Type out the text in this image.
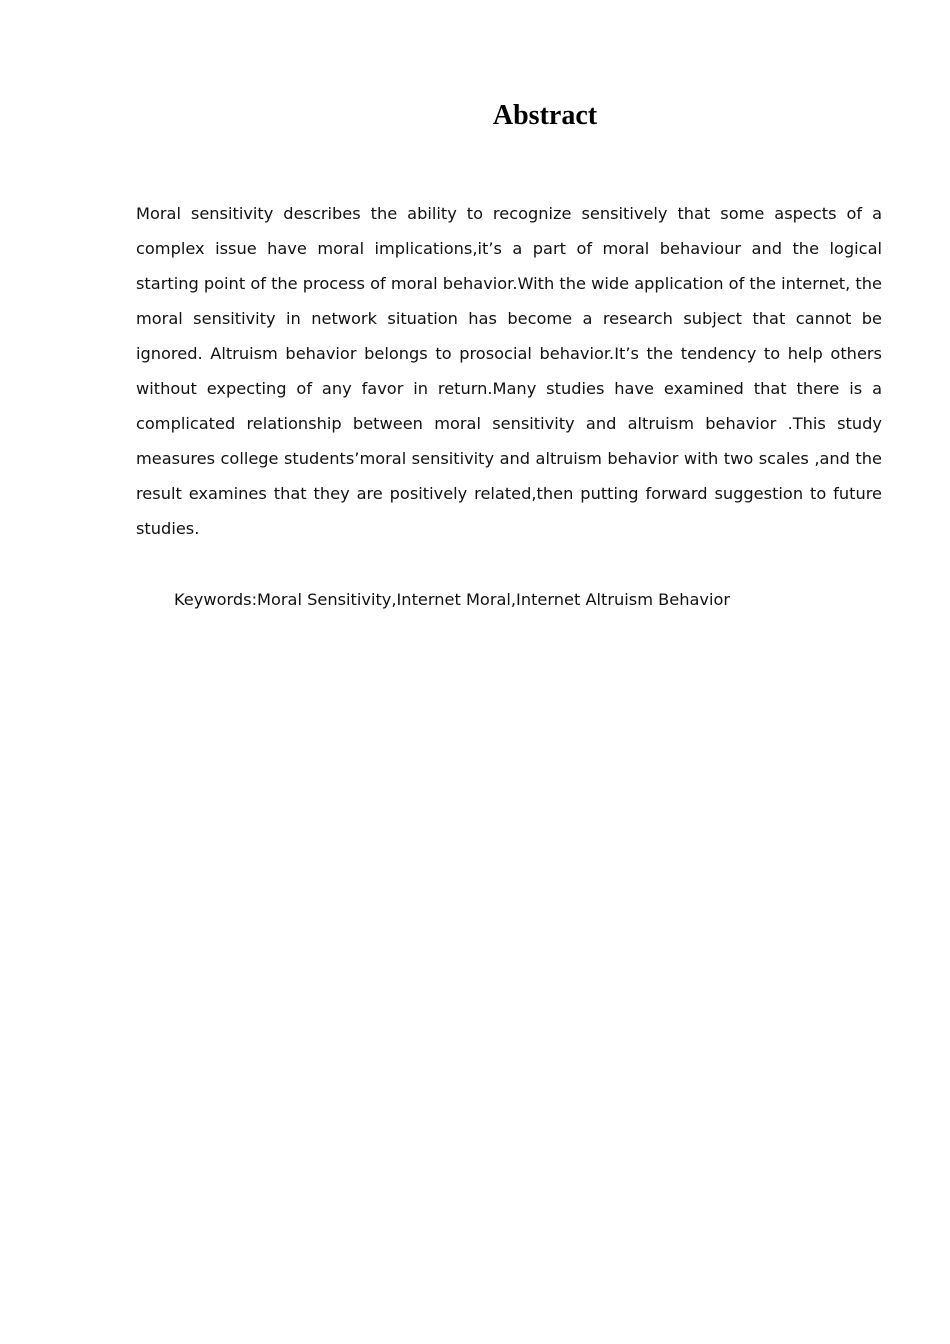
Abstract

Moral sensitivity describes the ability to recognize sensitively that some aspects of a complex issue have moral implications,it’s a part of moral behaviour and the logical starting point of the process of moral behavior.With the wide application of the internet, the moral sensitivity in network situation has become a research subject that cannot be ignored. Altruism behavior belongs to prosocial behavior.It’s the tendency to help others without expecting of any favor in return.Many studies have examined that there is a complicated relationship between moral sensitivity and altruism behavior .This study measures college students’moral sensitivity and altruism behavior with two scales ,and the result examines that they are positively related,then putting forward suggestion to future studies.

Keywords:Moral Sensitivity,Internet Moral,Internet Altruism Behavior
